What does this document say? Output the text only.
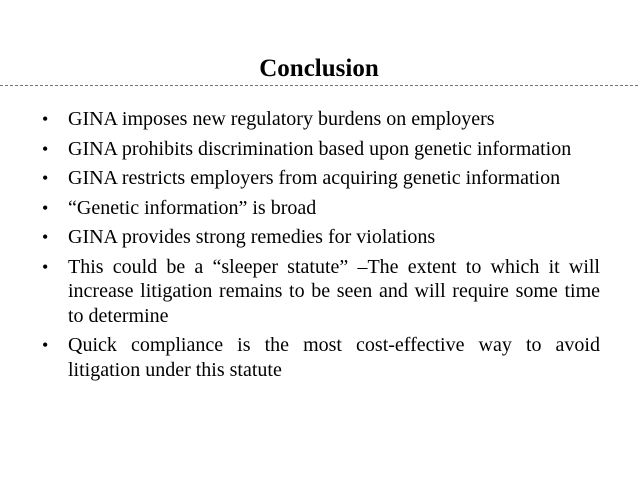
Conclusion
• GINA imposes new regulatory burdens on employers
• GINA prohibits discrimination based upon genetic information
• GINA restricts employers from acquiring genetic information
• “Genetic information” is broad
• GINA provides strong remedies for violations
• This could be a “sleeper statute” –The extent to which it will increase litigation remains to be seen and will require some time to determine
• Quick compliance is the most cost-effective way to avoid litigation under this statute
